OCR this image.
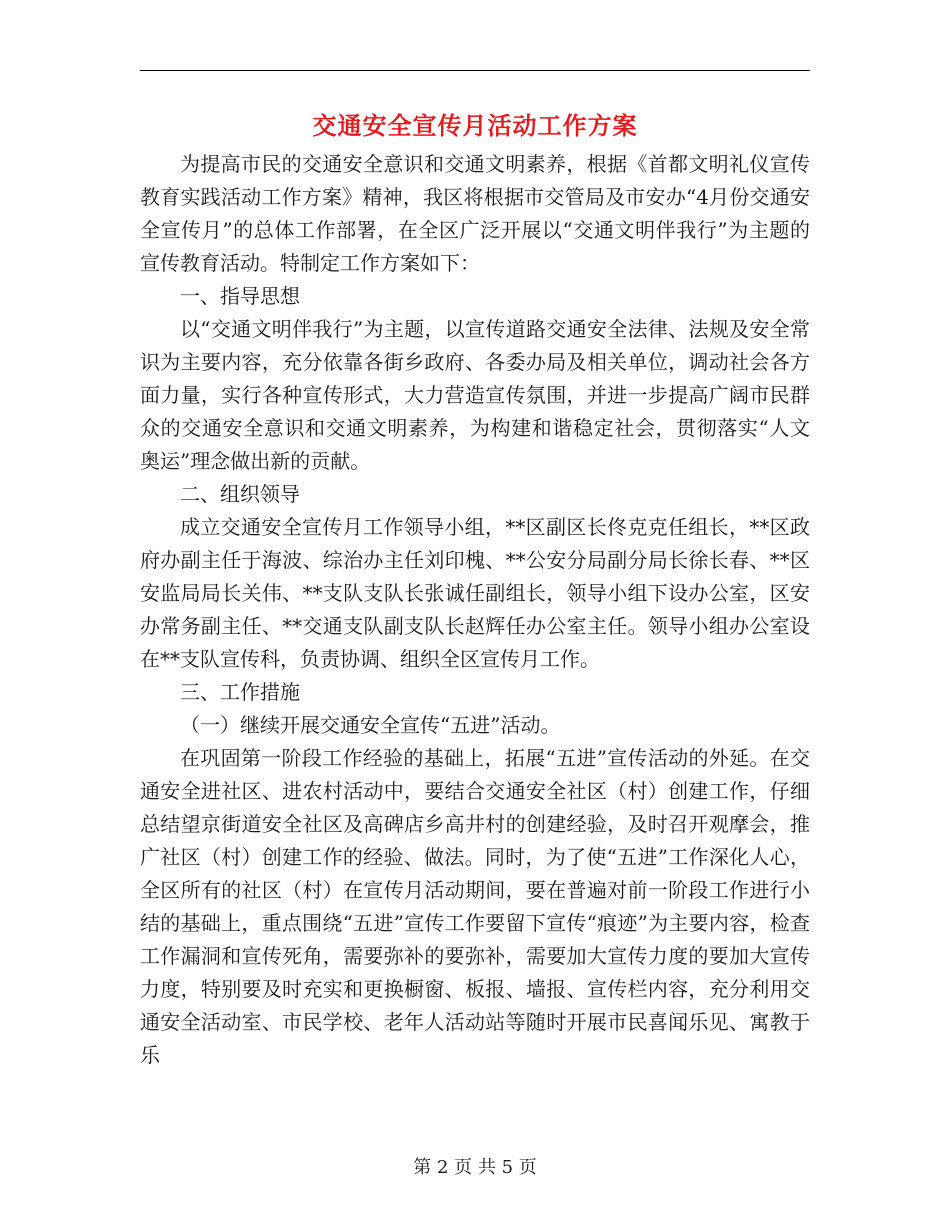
交通安全宣传月活动工作方案

为提高市民的交通安全意识和交通文明素养，根据《首都文明礼仪宣传教育实践活动工作方案》精神，我区将根据市交管局及市安办“4月份交通安全宣传月”的总体工作部署，在全区广泛开展以“交通文明伴我行”为主题的宣传教育活动。特制定工作方案如下：

一、指导思想

以“交通文明伴我行”为主题，以宣传道路交通安全法律、法规及安全常识为主要内容，充分依靠各街乡政府、各委办局及相关单位，调动社会各方面力量，实行各种宣传形式，大力营造宣传氛围，并进一步提高广阔市民群众的交通安全意识和交通文明素养，为构建和谐稳定社会，贯彻落实“人文奥运”理念做出新的贡献。

二、组织领导

成立交通安全宣传月工作领导小组，**区副区长佟克克任组长，**区政府办副主任于海波、综治办主任刘印槐、**公安分局副分局长徐长春、**区安监局局长关伟、**支队支队长张诚任副组长，领导小组下设办公室，区安办常务副主任、**交通支队副支队长赵辉任办公室主任。领导小组办公室设在**支队宣传科，负责协调、组织全区宣传月工作。

三、工作措施

（一）继续开展交通安全宣传“五进”活动。

在巩固第一阶段工作经验的基础上，拓展“五进”宣传活动的外延。在交通安全进社区、进农村活动中，要结合交通安全社区（村）创建工作，仔细总结望京街道安全社区及高碑店乡高井村的创建经验，及时召开观摩会，推广社区（村）创建工作的经验、做法。同时，为了使“五进”工作深化人心，全区所有的社区（村）在宣传月活动期间，要在普遍对前一阶段工作进行小结的基础上，重点围绕“五进”宣传工作要留下宣传“痕迹”为主要内容，检查工作漏洞和宣传死角，需要弥补的要弥补，需要加大宣传力度的要加大宣传力度，特别要及时充实和更换橱窗、板报、墙报、宣传栏内容，充分利用交通安全活动室、市民学校、老年人活动站等随时开展市民喜闻乐见、寓教于乐

第 2 页 共 5 页
